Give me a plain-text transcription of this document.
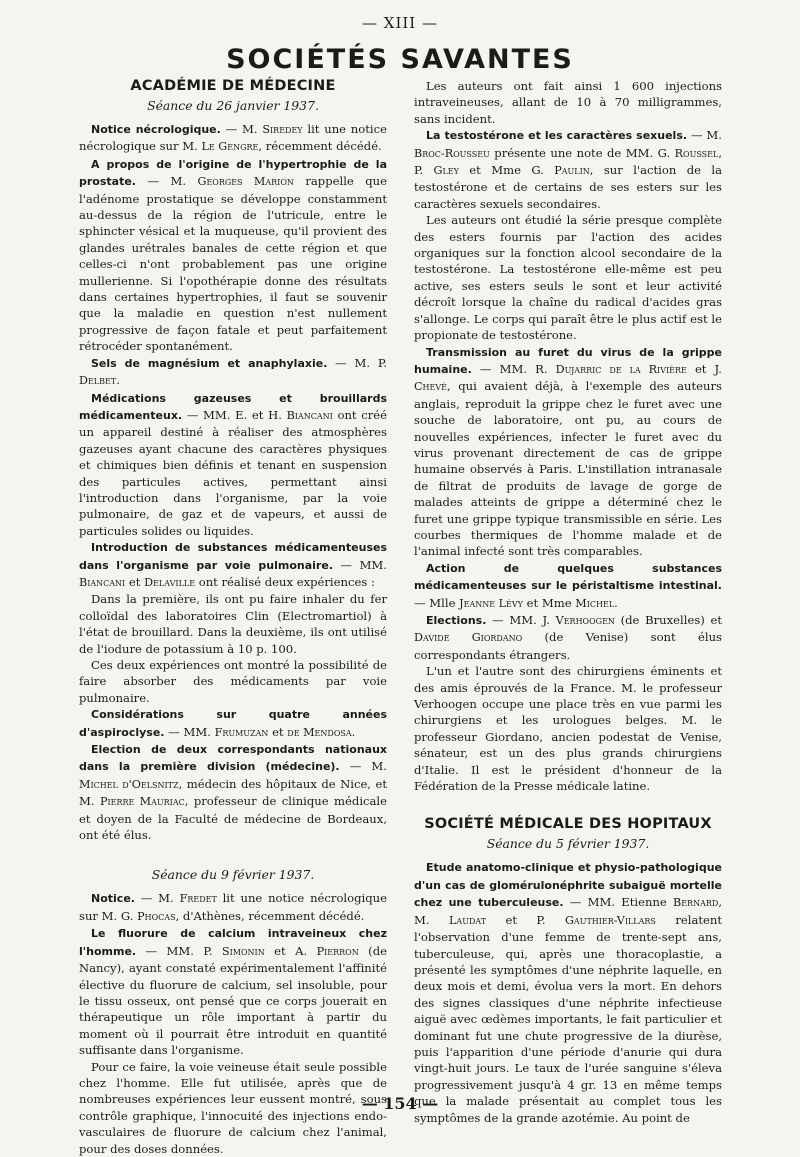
— XIII —
SOCIÉTÉS SAVANTES
ACADÉMIE DE MÉDECINE
Séance du 26 janvier 1937.

Notice nécrologique. — M. Siredey lit une notice nécrologique sur M. Le Gengre, récemment décédé.

A propos de l'origine de l'hypertrophie de la prostate. — M. Georges Marion rappelle que l'adénome prostatique se développe constamment au-dessus de la région de l'utricule, entre le sphincter vésical et la muqueuse, qu'il provient des glandes urétrales banales de cette région et que celles-ci n'ont probablement pas une origine mullerienne. Si l'opothérapie donne des résultats dans certaines hypertrophies, il faut se souvenir que la maladie en question n'est nullement progressive de façon fatale et peut parfaitement rétrocéder spontanément.

Sels de magnésium et anaphylaxie. — M. P. Delbet.

Médications gazeuses et brouillards médicamenteux. — MM. E. et H. Biancani ont créé un appareil destiné à réaliser des atmosphères gazeuses ayant chacune des caractères physiques et chimiques bien définis et tenant en suspension des particules actives, permettant ainsi l'introduction dans l'organisme, par la voie pulmonaire, de gaz et de vapeurs, et aussi de particules solides ou liquides.

Introduction de substances médicamenteuses dans l'organisme par voie pulmonaire. — MM. Biancani et Delaville ont réalisé deux expériences :

Dans la première, ils ont pu faire inhaler du fer colloïdal des laboratoires Clin (Electromartiol) à l'état de brouillard. Dans la deuxième, ils ont utilisé de l'iodure de potassium à 10 p. 100.

Ces deux expériences ont montré la possibilité de faire absorber des médicaments par voie pulmonaire.

Considérations sur quatre années d'aspiroclyse. — MM. Frumuzan et de Mendosa.

Election de deux correspondants nationaux dans la première division (médecine). — M. Michel d'Oelsnitz, médecin des hôpitaux de Nice, et M. Pierre Mauriac, professeur de clinique médicale et doyen de la Faculté de médecine de Bordeaux, ont été élus.

Séance du 9 février 1937.

Notice. — M. Fredet lit une notice nécrologique sur M. G. Phocas, d'Athènes, récemment décédé.

Le fluorure de calcium intraveineux chez l'homme. — MM. P. Simonin et A. Pierron (de Nancy), ayant constaté expérimentalement l'affinité élective du fluorure de calcium, sel insoluble, pour le tissu osseux, ont pensé que ce corps jouerait en thérapeutique un rôle important à partir du moment où il pourrait être introduit en quantité suffisante dans l'organisme.

Pour ce faire, la voie veineuse était seule possible chez l'homme. Elle fut utilisée, après que de nombreuses expériences leur eussent montré, sous contrôle graphique, l'innocuité des injections endo-vasculaires de fluorure de calcium chez l'animal, pour des doses données.

Les auteurs ont fait ainsi 1 600 injections intraveineuses, allant de 10 à 70 milligrammes, sans incident.

La testostérone et les caractères sexuels. — M. Broc-Rousseu présente une note de MM. G. Roussel, P. Gley et Mme G. Paulin, sur l'action de la testostérone et de certains de ses esters sur les caractères sexuels secondaires.

Les auteurs ont étudié la série presque complète des esters fournis par l'action des acides organiques sur la fonction alcool secondaire de la testostérone. La testostérone elle-même est peu active, ses esters seuls le sont et leur activité décroît lorsque la chaîne du radical d'acides gras s'allonge. Le corps qui paraît être le plus actif est le propionate de testostérone.

Transmission au furet du virus de la grippe humaine. — MM. R. Dujarric de la Rivière et J. Chevé, qui avaient déjà, à l'exemple des auteurs anglais, reproduit la grippe chez le furet avec une souche de laboratoire, ont pu, au cours de nouvelles expériences, infecter le furet avec du virus provenant directement de cas de grippe humaine observés à Paris. L'instillation intranasale de filtrat de produits de lavage de gorge de malades atteints de grippe a déterminé chez le furet une grippe typique transmissible en série. Les courbes thermiques de l'homme malade et de l'animal infecté sont très comparables.

Action de quelques substances médicamenteuses sur le péristaltisme intestinal. — Mlle Jeanne Lévy et Mme Michel.

Elections. — MM. J. Verhoogen (de Bruxelles) et Davide Giordano (de Venise) sont élus correspondants étrangers.

L'un et l'autre sont des chirurgiens éminents et des amis éprouvés de la France. M. le professeur Verhoogen occupe une place très en vue parmi les chirurgiens et les urologues belges. M. le professeur Giordano, ancien podestat de Venise, sénateur, est un des plus grands chirurgiens d'Italie. Il est le président d'honneur de la Fédération de la Presse médicale latine.

SOCIÉTÉ MÉDICALE DES HOPITAUX
Séance du 5 février 1937.

Etude anatomo-clinique et physio-pathologique d'un cas de glomérulonéphrite subaiguë mortelle chez une tuberculeuse. — MM. Etienne Bernard, M. Laudat et P. Gauthier-Villars relatent l'observation d'une femme de trente-sept ans, tuberculeuse, qui, après une thoracoplastie, a présenté les symptômes d'une néphrite laquelle, en deux mois et demi, évolua vers la mort. En dehors des signes classiques d'une néphrite infectieuse aiguë avec œdèmes importants, le fait particulier et dominant fut une chute progressive de la diurèse, puis l'apparition d'une période d'anurie qui dura vingt-huit jours. Le taux de l'urée sanguine s'éleva progressivement jusqu'à 4 gr. 13 en même temps que la malade présentait au complet tous les symptômes de la grande azotémie. Au point de

— 154 —
